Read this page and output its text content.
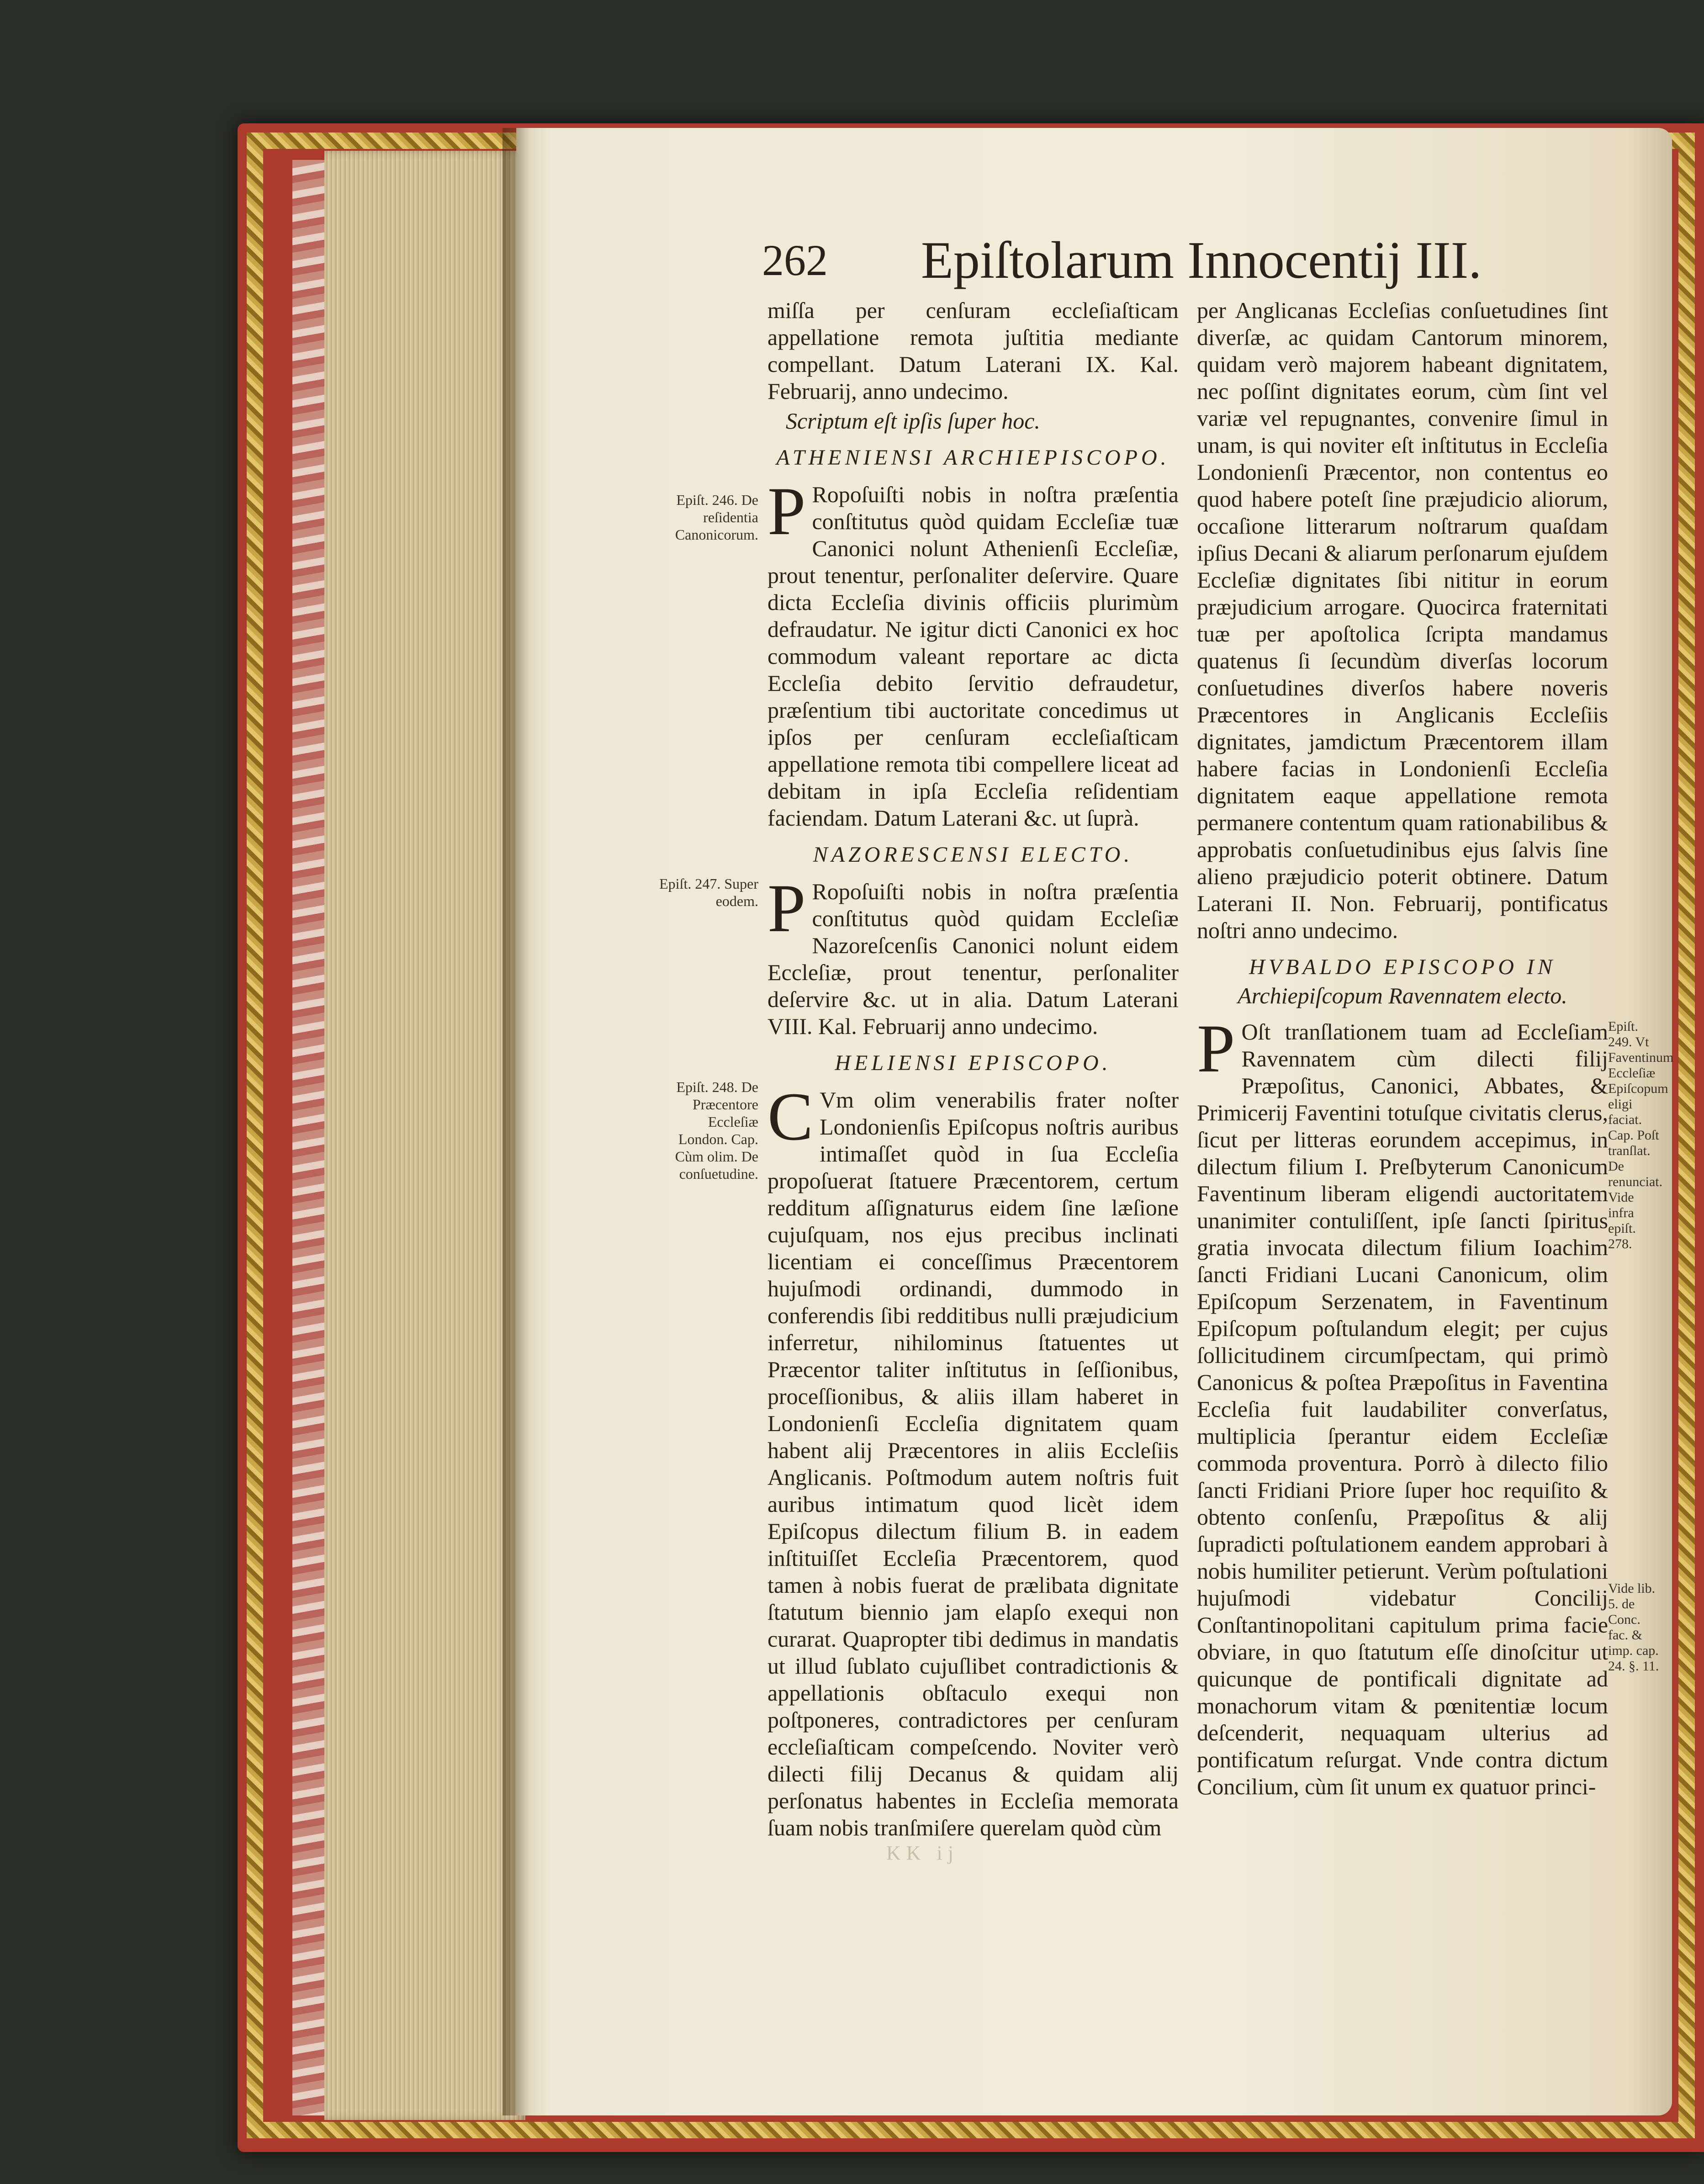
262 Epiſtolarum Innocentij III.

miſſa per cenſuram eccleſiaſticam appellatione remota juſtitia mediante compellant. Datum Laterani IX. Kal. Februarij, anno undecimo.

Scriptum eſt ipſis ſuper hoc.

ATHENIENSI ARCHIEPISCOPO.

P Ropoſuiſti nobis in noſtra præſentia conſtitutus quòd quidam Eccleſiæ tuæ Canonici nolunt Athenienſi Eccleſiæ, prout tenentur, perſonaliter deſervire. Quare dicta Eccleſia divinis officiis plurimùm defraudatur. Ne igitur dicti Canonici ex hoc commodum valeant reportare ac dicta Eccleſia debito ſervitio defraudetur, præſentium tibi auctoritate concedimus ut ipſos per cenſuram eccleſiaſticam appellatione remota tibi compellere liceat ad debitam in ipſa Eccleſia reſidentiam faciendam. Datum Laterani &c. ut ſuprà.

NAZORESCENSI ELECTO.

P Ropoſuiſti nobis in noſtra præſentia conſtitutus quòd quidam Eccleſiæ Nazoreſcenſis Canonici nolunt eidem Eccleſiæ, prout tenentur, perſonaliter deſervire &c. ut in alia. Datum Laterani VIII. Kal. Februarij anno undecimo.

HELIENSI EPISCOPO.

C Vm olim venerabilis frater noſter Londonienſis Epiſcopus noſtris auribus intimaſſet quòd in ſua Eccleſia propoſuerat ſtatuere Præcentorem, certum redditum aſſignaturus eidem ſine læſione cujuſquam, nos ejus precibus inclinati licentiam ei conceſſimus Præcentorem hujuſmodi ordinandi, dummodo in conferendis ſibi redditibus nulli præjudicium inferretur, nihilominus ſtatuentes ut Præcentor taliter inſtitutus in ſeſſionibus, proceſſionibus, & aliis illam haberet in Londonienſi Eccleſia dignitatem quam habent alij Præcentores in aliis Eccleſiis Anglicanis. Poſtmodum autem noſtris fuit auribus intimatum quod licèt idem Epiſcopus dilectum filium B. in eadem inſtituiſſet Eccleſia Præcentorem, quod tamen à nobis fuerat de prælibata dignitate ſtatutum biennio jam elapſo exequi non curarat. Quapropter tibi dedimus in mandatis ut illud ſublato cujuſlibet contradictionis & appellationis obſtaculo exequi non poſtponeres, contradictores per cenſuram eccleſiaſticam compeſcendo. Noviter verò dilecti filij Decanus & quidam alij perſonatus habentes in Eccleſia memorata ſuam nobis tranſmiſere querelam quòd cùm

per Anglicanas Eccleſias conſuetudines ſint diverſæ, ac quidam Cantorum minorem, quidam verò majorem habeant dignitatem, nec poſſint dignitates eorum, cùm ſint vel variæ vel repugnantes, convenire ſimul in unam, is qui noviter eſt inſtitutus in Eccleſia Londonienſi Præcentor, non contentus eo quod habere poteſt ſine præjudicio aliorum, occaſione litterarum noſtrarum quaſdam ipſius Decani & aliarum perſonarum ejuſdem Eccleſiæ dignitates ſibi nititur in eorum præjudicium arrogare. Quocirca fraternitati tuæ per apoſtolica ſcripta mandamus quatenus ſi ſecundùm diverſas locorum conſuetudines diverſos habere noveris Præcentores in Anglicanis Eccleſiis dignitates, jamdictum Præcentorem illam habere facias in Londonienſi Eccleſia dignitatem eaque appellatione remota permanere contentum quam rationabilibus & approbatis conſuetudinibus ejus ſalvis ſine alieno præjudicio poterit obtinere. Datum Laterani II. Non. Februarij, pontificatus noſtri anno undecimo.

HVBALDO EPISCOPO IN
Archiepiſcopum Ravennatem electo.

P Oſt tranſlationem tuam ad Eccleſiam Ravennatem cùm dilecti filij Præpoſitus, Canonici, Abbates, & Primicerij Faventini totuſque civitatis clerus, ſicut per litteras eorundem accepimus, in dilectum filium I. Preſbyterum Canonicum Faventinum liberam eligendi auctoritatem unanimiter contuliſſent, ipſe ſancti ſpiritus gratia invocata dilectum filium Ioachim ſancti Fridiani Lucani Canonicum, olim Epiſcopum Serzenatem, in Faventinum Epiſcopum poſtulandum elegit; per cujus ſollicitudinem circumſpectam, qui primò Canonicus & poſtea Præpoſitus in Faventina Eccleſia fuit laudabiliter converſatus, multiplicia ſperantur eidem Eccleſiæ commoda proventura. Porrò à dilecto filio ſancti Fridiani Priore ſuper hoc requiſito & obtento conſenſu, Præpoſitus & alij ſupradicti poſtulationem eandem approbari à nobis humiliter petierunt. Verùm poſtulationi hujuſmodi videbatur Concilij Conſtantinopolitani capitulum prima facie obviare, in quo ſtatutum eſſe dinoſcitur ut quicunque de pontificali dignitate ad monachorum vitam & pœnitentiæ locum deſcenderit, nequaquam ulterius ad pontificatum reſurgat. Vnde contra dictum Concilium, cùm ſit unum ex quatuor princi-

Epiſt. 246. De reſidentia Canonicorum.
Epiſt. 247. Super eodem.
Epiſt. 248. De Præcentore Eccleſiæ London. Cap. Cùm olim. De conſuetudine.
Epiſt. 249. Vt Faventinum Eccleſiæ Epiſcopum eligi faciat. Cap. Poſt tranſlat. De renunciat. Vide infra epiſt. 278.
Vide lib. 5. de Conc. fac. & imp. cap. 24. §. 11.
KK ij
